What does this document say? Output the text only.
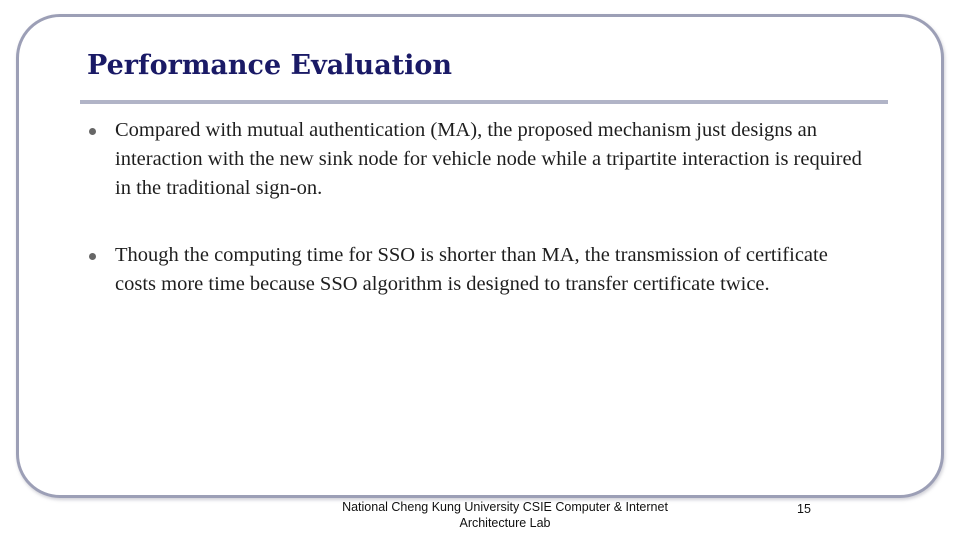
Performance Evaluation
Compared with mutual authentication (MA), the proposed mechanism just designs an interaction with the new sink node for vehicle node while a tripartite interaction is required in the traditional sign-on.
Though the computing time for SSO is shorter than MA, the transmission of certificate costs more time because SSO algorithm is designed to transfer certificate twice.
National Cheng Kung University CSIE Computer & Internet Architecture Lab
15
